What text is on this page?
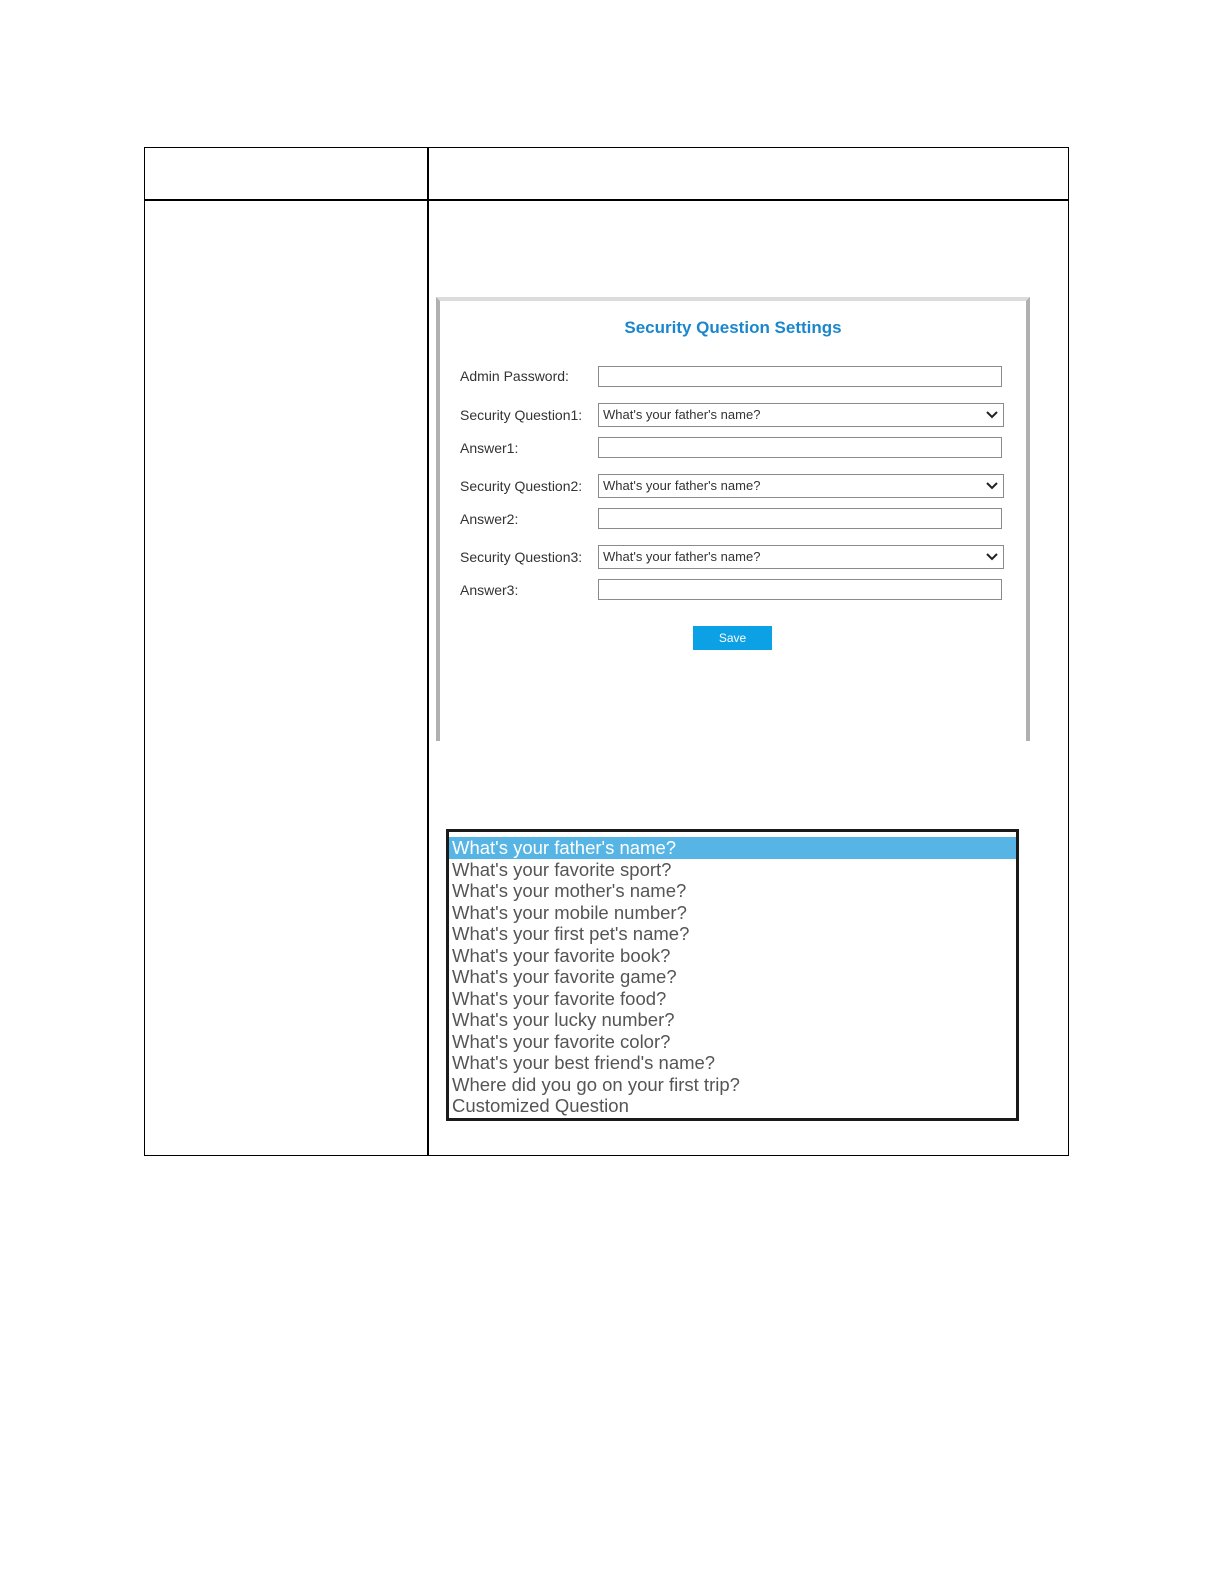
Security Question Settings
Admin Password:
Security Question1:	What's your father's name?
Answer1:
Security Question2:	What's your father's name?
Answer2:
Security Question3:	What's your father's name?
Answer3:
Save
What's your father's name?
What's your favorite sport?
What's your mother's name?
What's your mobile number?
What's your first pet's name?
What's your favorite book?
What's your favorite game?
What's your favorite food?
What's your lucky number?
What's your favorite color?
What's your best friend's name?
Where did you go on your first trip?
Customized Question
